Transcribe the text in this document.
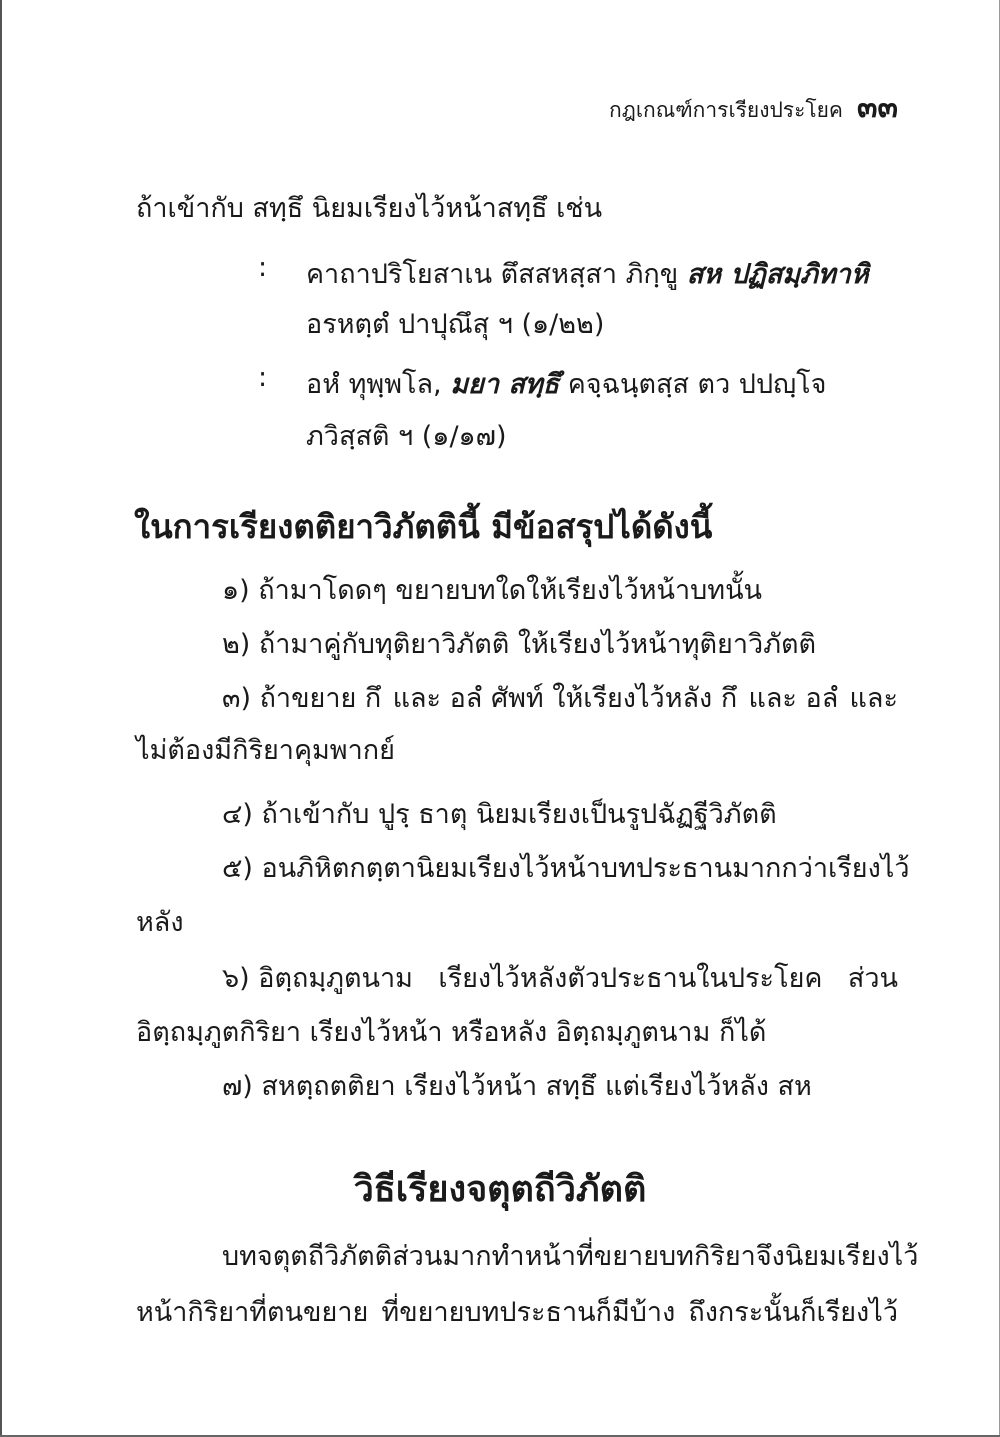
กฎเกณฑ์การเรียงประโยค ๓๓
ถ้าเข้ากับ สทฺธึ นิยมเรียงไว้หน้าสทฺธึ เช่น
: คาถาปริโยสาเน ตึสสหสฺสา ภิกฺขู สห ปฏิสมฺภิทาหิ
อรหตฺตํ ปาปุณึสุ ฯ (๑/๒๒)
: อหํ ทุพฺพโล, มยา สทฺธึ คจฺฉนฺตสฺส ตว ปปญฺโจ
ภวิสฺสติ ฯ (๑/๑๗)
ในการเรียงตติยาวิภัตตินี้ มีข้อสรุปได้ดังนี้
๑) ถ้ามาโดดๆ ขยายบทใดให้เรียงไว้หน้าบทนั้น
๒) ถ้ามาคู่กับทุติยาวิภัตติ ให้เรียงไว้หน้าทุติยาวิภัตติ
๓) ถ้าขยาย กึ และ อลํ ศัพท์ ให้เรียงไว้หลัง กึ และ อลํ และ
ไม่ต้องมีกิริยาคุมพากย์
๔) ถ้าเข้ากับ ปูรฺ ธาตุ นิยมเรียงเป็นรูปฉัฏฐีวิภัตติ
๕) อนภิหิตกตฺตา นิยมเรียงไว้หน้าบทประธานมากกว่าเรียงไว้
หลัง
๖) อิตฺถมฺภูตนาม เรียงไว้หลังตัวประธานในประโยค ส่วน
อิตฺถมฺภูตกิริยา เรียงไว้หน้า หรือหลัง อิตฺถมฺภูตนาม ก็ได้
๗) สหตฺถตติยา เรียงไว้หน้า สทฺธึ แต่เรียงไว้หลัง สห
วิธีเรียงจตุตถีวิภัตติ
บทจตุตถีวิภัตติส่วนมากทำหน้าที่ขยายบทกิริยา จึงนิยมเรียงไว้
หน้ากิริยาที่ตนขยาย ที่ขยายบทประธานก็มีบ้าง ถึงกระนั้นก็เรียงไว้
